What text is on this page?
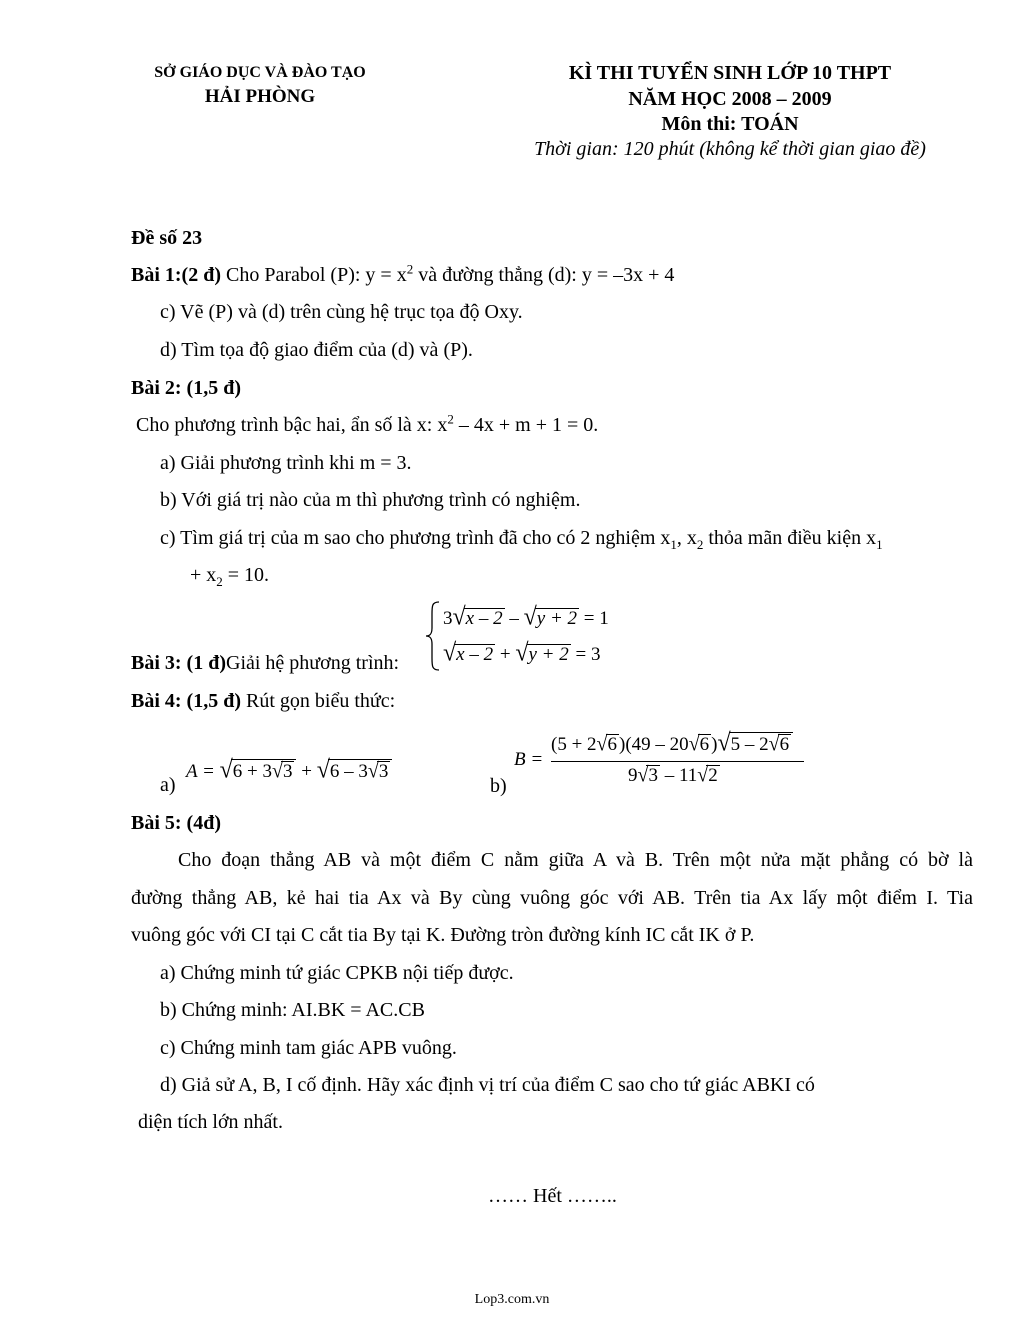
SỞ GIÁO DỤC VÀ ĐÀO TẠO
HẢI PHÒNG
KÌ THI TUYỂN SINH LỚP 10 THPT
NĂM HỌC 2008 – 2009
Môn thi: TOÁN
Thời gian: 120 phút (không kể thời gian giao đề)
Đề số 23
Bài 1:(2 đ) Cho Parabol (P): $y = x^2$ và đường thẳng (d): y = –3x + 4
c) Vẽ (P) và (d) trên cùng hệ trục tọa độ Oxy.
d) Tìm tọa độ giao điểm của (d) và (P).
Bài 2: (1,5 đ)
Cho phương trình bậc hai, ẩn số là x: $x^2 - 4x + m + 1 = 0$.
a) Giải phương trình khi m = 3.
b) Với giá trị nào của m thì phương trình có nghiệm.
c) Tìm giá trị của m sao cho phương trình đã cho có 2 nghiệm $x_1$, $x_2$ thỏa mãn điều kiện $x_1$
+ $x_2 = 10$.
Bài 3: (1 đ)Giải hệ phương trình:
3√x – 2 – √y + 2 = 1
√x – 2 + √y + 2 = 3
Bài 4: (1,5 đ) Rút gọn biểu thức:
a)
A = √6 + 3√3 + √6 – 3√3
b)
B =
(5 + 2√6 )(49 – 20√6 )√5 – 2√6
9√3 – 11√2
Bài 5: (4đ)
Cho đoạn thẳng AB và một điểm C nằm giữa A và B. Trên một nửa mặt phẳng có bờ là
đường thẳng AB, kẻ hai tia Ax và By cùng vuông góc với AB. Trên tia Ax lấy một điểm I. Tia
vuông góc với CI tại C cắt tia By tại K. Đường tròn đường kính IC cắt IK ở P.
a) Chứng minh tứ giác CPKB nội tiếp được.
b) Chứng minh: AI.BK = AC.CB
c) Chứng minh tam giác APB vuông.
d) Giả sử A, B, I cố định. Hãy xác định vị trí của điểm C sao cho tứ giác ABKI có
diện tích lớn nhất.
…… Hết ……..
Lop3.com.vn
